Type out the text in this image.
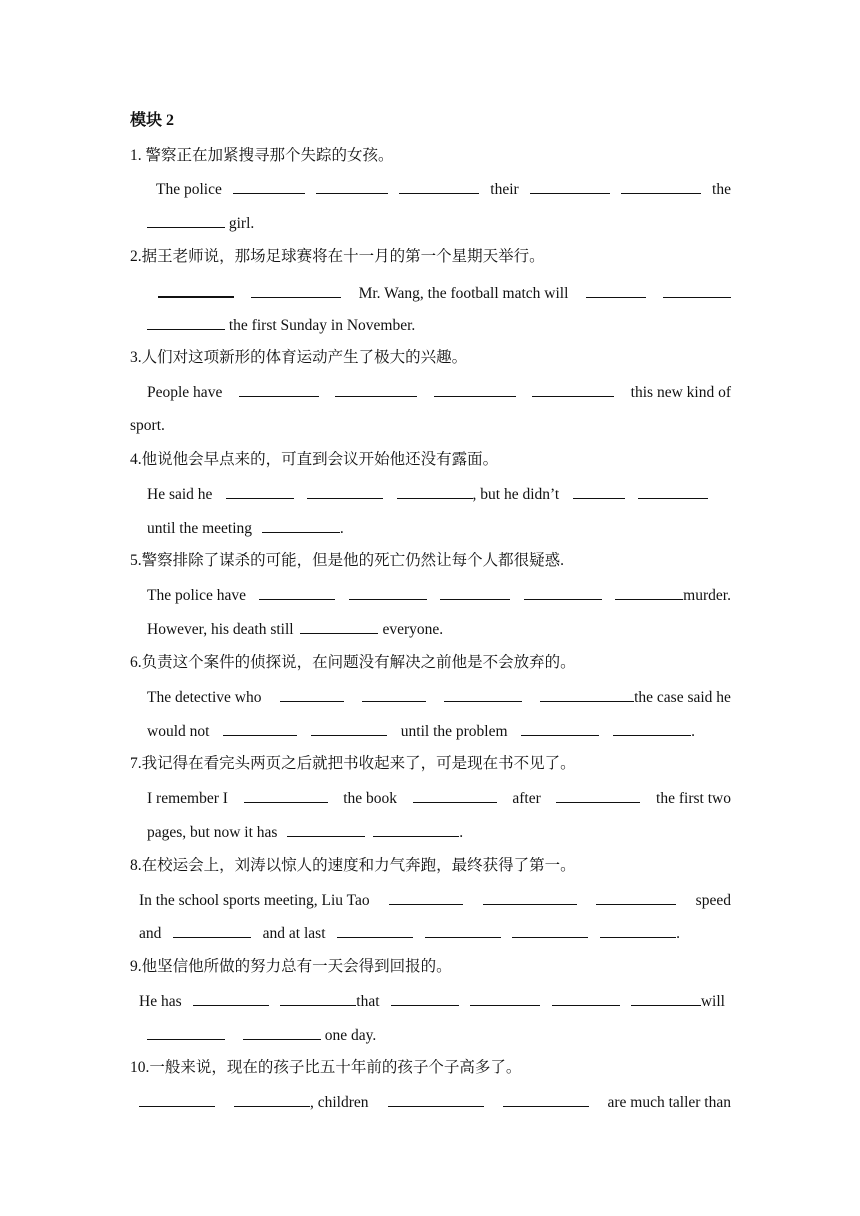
模块 2
1. 警察正在加紧搜寻那个失踪的女孩。
The police	their	the
girl.
2.据王老师说，那场足球赛将在十一月的第一个星期天举行。
Mr. Wang, the football match will
the first Sunday in November.
3.人们对这项新形的体育运动产生了极大的兴趣。
People have	this new kind of
sport.
4.他说他会早点来的，可直到会议开始他还没有露面。
He said he	, but he didn’t
until the meeting	.
5.警察排除了谋杀的可能，但是他的死亡仍然让每个人都很疑惑.
The police have	murder.
However, his death still	everyone.
6.负责这个案件的侦探说，在问题没有解决之前他是不会放弃的。
The detective who	the case said he
would not	until the problem	.
7.我记得在看完头两页之后就把书收起来了，可是现在书不见了。
I remember I	the book	after	the first two
pages, but now it has	.
8.在校运会上，刘涛以惊人的速度和力气奔跑，最终获得了第一。
In the school sports meeting, Liu Tao	speed
and	and at last	.
9.他坚信他所做的努力总有一天会得到回报的。
He has	that	will
one day.
10.一般来说，现在的孩子比五十年前的孩子个子高多了。
, children	are much taller than
